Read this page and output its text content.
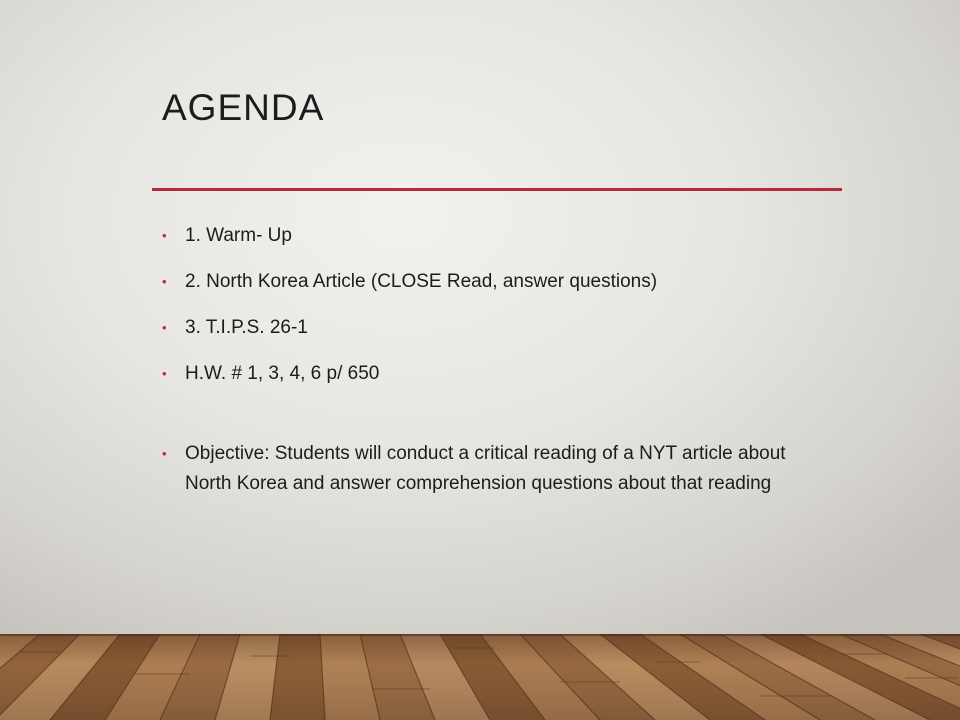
AGENDA
• 1. Warm- Up
• 2. North Korea Article (CLOSE Read, answer questions)
• 3. T.I.P.S. 26-1
• H.W. # 1, 3, 4, 6 p/ 650
• Objective: Students will conduct a critical reading of a NYT article about North Korea and answer comprehension questions about that reading
